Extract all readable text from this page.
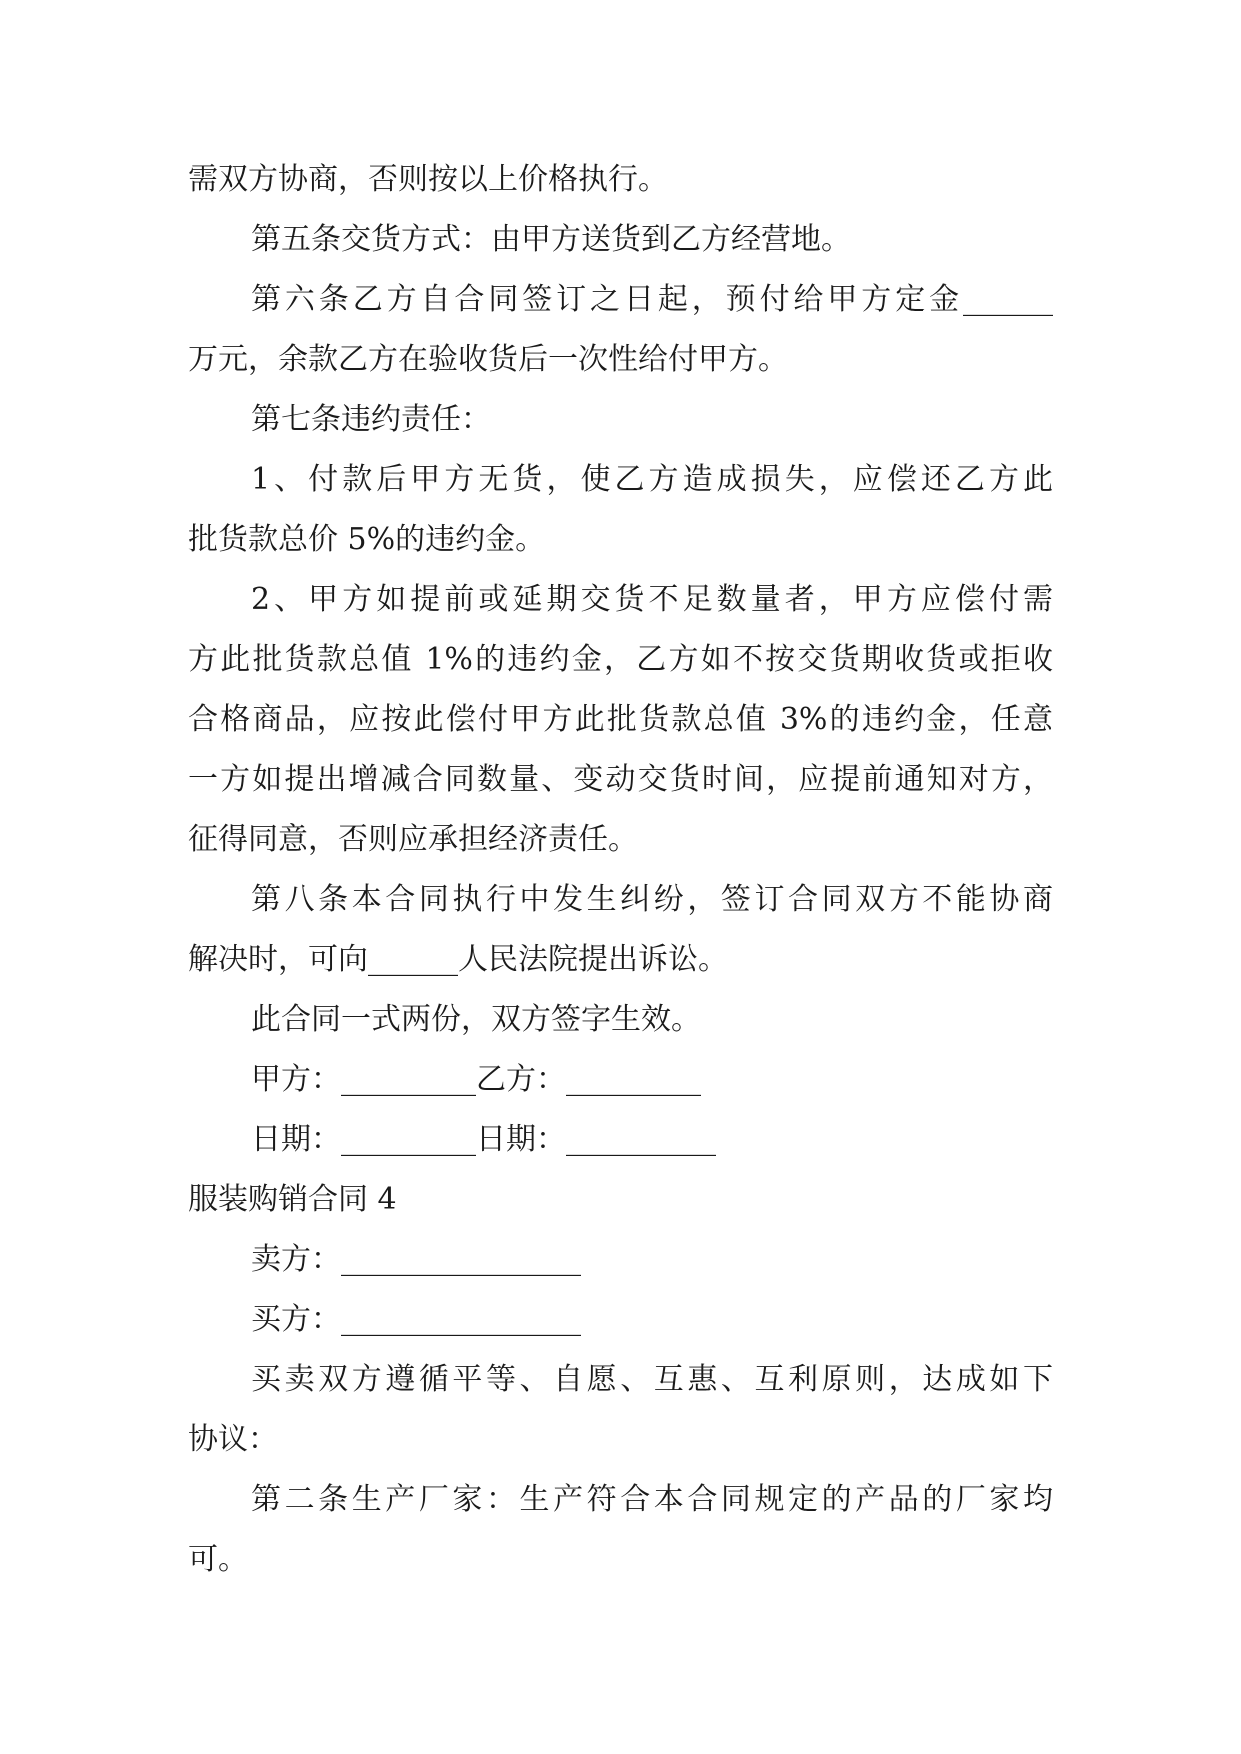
需双方协商，否则按以上价格执行。
第五条交货方式：由甲方送货到乙方经营地。
第六条乙方自合同签订之日起，预付给甲方定金______
万元，余款乙方在验收货后一次性给付甲方。
第七条违约责任：
1、付款后甲方无货，使乙方造成损失，应偿还乙方此
批货款总价 5%的违约金。
2、甲方如提前或延期交货不足数量者，甲方应偿付需
方此批货款总值 1%的违约金，乙方如不按交货期收货或拒收
合格商品，应按此偿付甲方此批货款总值 3%的违约金，任意
一方如提出增减合同数量、变动交货时间，应提前通知对方，
征得同意，否则应承担经济责任。
第八条本合同执行中发生纠纷，签订合同双方不能协商
解决时，可向______人民法院提出诉讼。
此合同一式两份，双方签字生效。
甲方：_________乙方：_________
日期：_________日期：__________
服装购销合同 4
卖方：________________
买方：________________
买卖双方遵循平等、自愿、互惠、互利原则，达成如下
协议：
第二条生产厂家：生产符合本合同规定的产品的厂家均
可。
